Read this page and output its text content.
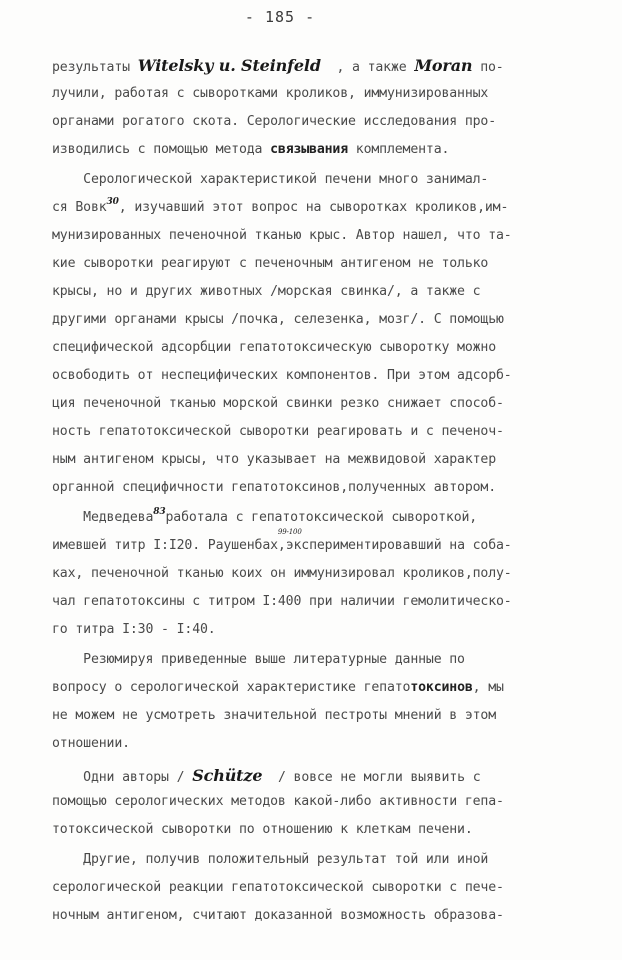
- 185 -
результаты Witelsky u. Steinfeld  , а также Moran по-
лучили, работая с сыворотками кроликов, иммунизированных
органами рогатого скота. Серологические исследования про-
изводились с помощью метода связывания комплемента.
Серологической характеристикой печени много занимал-
ся Вовк$^{30}$, изучавший этот вопрос на сыворотках кроликов,им-
мунизированных печеночной тканью крыс. Автор нашел, что та-
кие сыворотки реагируют с печеночным антигеном не только
крысы, но и других животных /морская свинка/, а также с
другими органами крысы /почка, селезенка, мозг/. С помощью
специфической адсорбции гепатотоксическую сыворотку можно
освободить от неспецифических компонентов. При этом адсорб-
ция печеночной тканью морской свинки резко снижает способ-
ность гепатотоксической сыворотки реагировать и с печеноч-
ным антигеном крысы, что указывает на межвидовой характер
органной специфичности гепатотоксинов,полученных автором.
Медведева$^{83}$работала с гепатотоксической сывороткой,
имевшей титр I:I20. Раушенбах
99-100
,экспериментировавший на соба-
ках, печеночной тканью коих он иммунизировал кроликов,полу-
чал гепатотоксины с титром I:400 при наличии гемолитическо-
го титра I:30 - I:40.
Резюмируя приведенные выше литературные данные по
вопросу о серологической характеристике гепатотоксинов, мы
не можем не усмотреть значительной пестроты мнений в этом
отношении.
Одни авторы / Schütze  / вовсе не могли выявить с
помощью серологических методов какой-либо активности гепа-
тотоксической сыворотки по отношению к клеткам печени.
Другие, получив положительный результат той или иной
серологической реакции гепатотоксической сыворотки с пече-
ночным антигеном, считают доказанной возможность образова-
